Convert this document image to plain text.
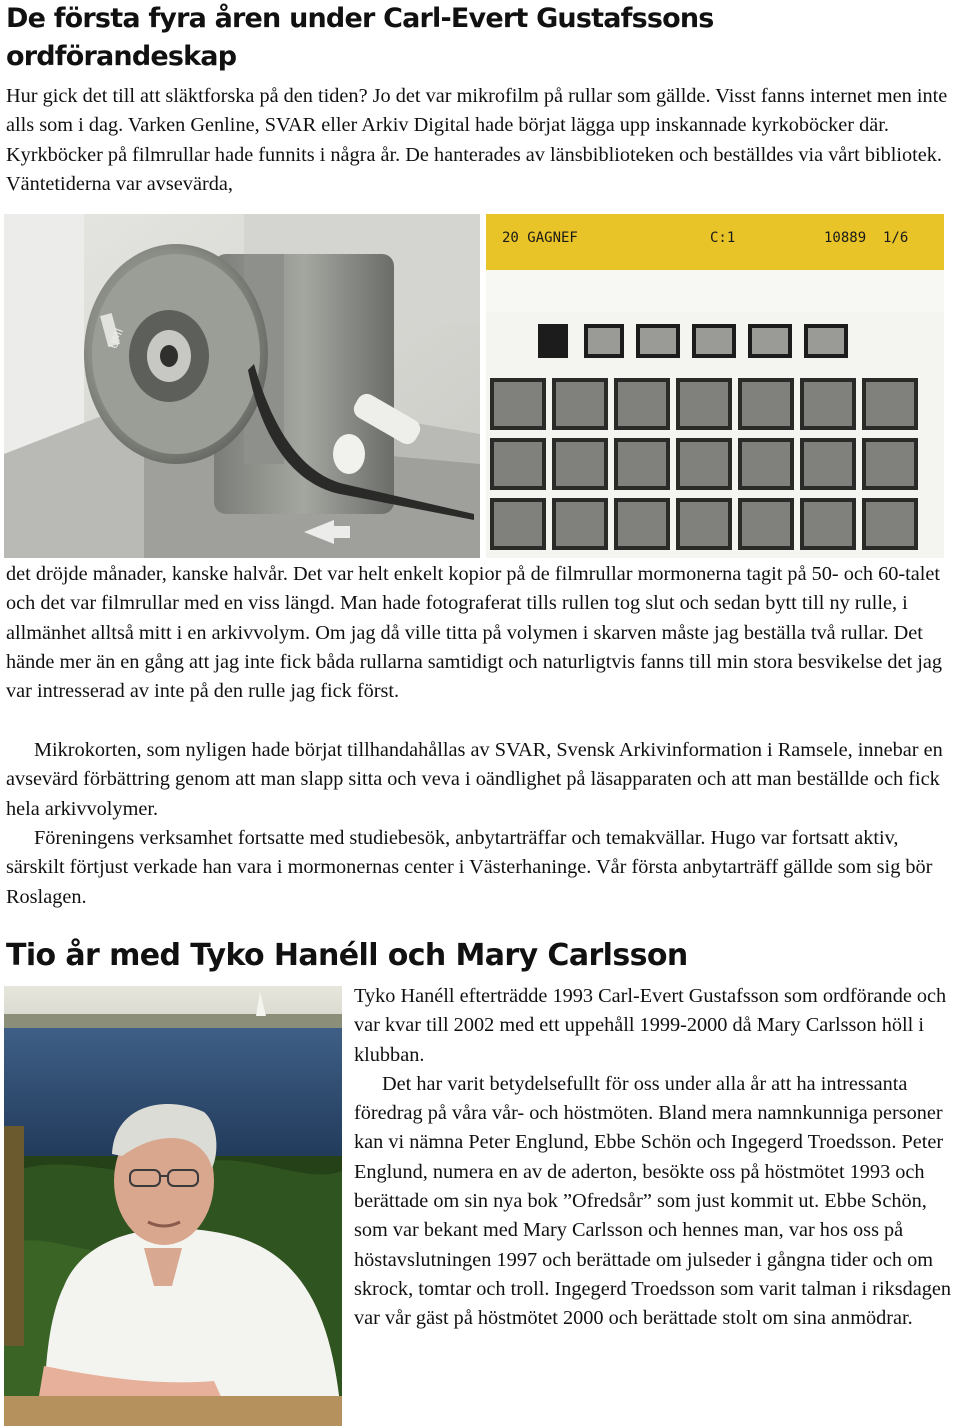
De första fyra åren under Carl-Evert Gustafssons ordförandeskap

Hur gick det till att släktforska på den tiden? Jo det var mikrofilm på rullar som gällde. Visst fanns internet men inte alls som i dag. Varken Genline, SVAR eller Arkiv Digital hade börjat lägga upp inskannade kyrkoböcker där. Kyrkböcker på filmrullar hade funnits i några år. De hanterades av länsbiblioteken och beställdes via vårt bibliotek. Väntetiderna var avsevärda,

UMI
20 GAGNEF	C:1	10889  1/6

det dröjde månader, kanske halvår. Det var helt enkelt kopior på de filmrullar mormonerna tagit på 50- och 60-talet och det var filmrullar med en viss längd. Man hade fotograferat tills rullen tog slut och sedan bytt till ny rulle, i allmänhet alltså mitt i en arkivvolym. Om jag då ville titta på volymen i skarven måste jag beställa två rullar. Det hände mer än en gång att jag inte fick båda rullarna samtidigt och naturligtvis fanns till min stora besvikelse det jag var intresserad av inte på den rulle jag fick först.

Mikrokorten, som nyligen hade börjat tillhandahållas av SVAR, Svensk Arkivinformation i Ramsele, innebar en avsevärd förbättring genom att man slapp sitta och veva i oändlighet på läsapparaten och att man beställde och fick hela arkivvolymer.

Föreningens verksamhet fortsatte med studiebesök, anbytarträffar och temakvällar. Hugo var fortsatt aktiv, särskilt förtjust verkade han vara i mormonernas center i Västerhaninge. Vår första anbytarträff gällde som sig bör Roslagen.

Tio år med Tyko Hanéll och Mary Carlsson

Tyko Hanéll efterträdde 1993 Carl-Evert Gustafsson som ordförande och var kvar till 2002 med ett uppehåll 1999-2000 då Mary Carlsson höll i klubban.

Det har varit betydelsefullt för oss under alla år att ha intressanta föredrag på våra vår- och höstmöten. Bland mera namnkunniga personer kan vi nämna Peter Englund, Ebbe Schön och Ingegerd Troedsson. Peter Englund, numera en av de aderton, besökte oss på höstmötet 1993 och berättade om sin nya bok ”Ofredsår” som just kommit ut. Ebbe Schön, som var bekant med Mary Carlsson och hennes man, var hos oss på höstavslutningen 1997 och berättade om julseder i gångna tider och om skrock, tomtar och troll. Ingegerd Troedsson som varit talman i riksdagen var vår gäst på höstmötet 2000 och berättade stolt om sina anmödrar.
